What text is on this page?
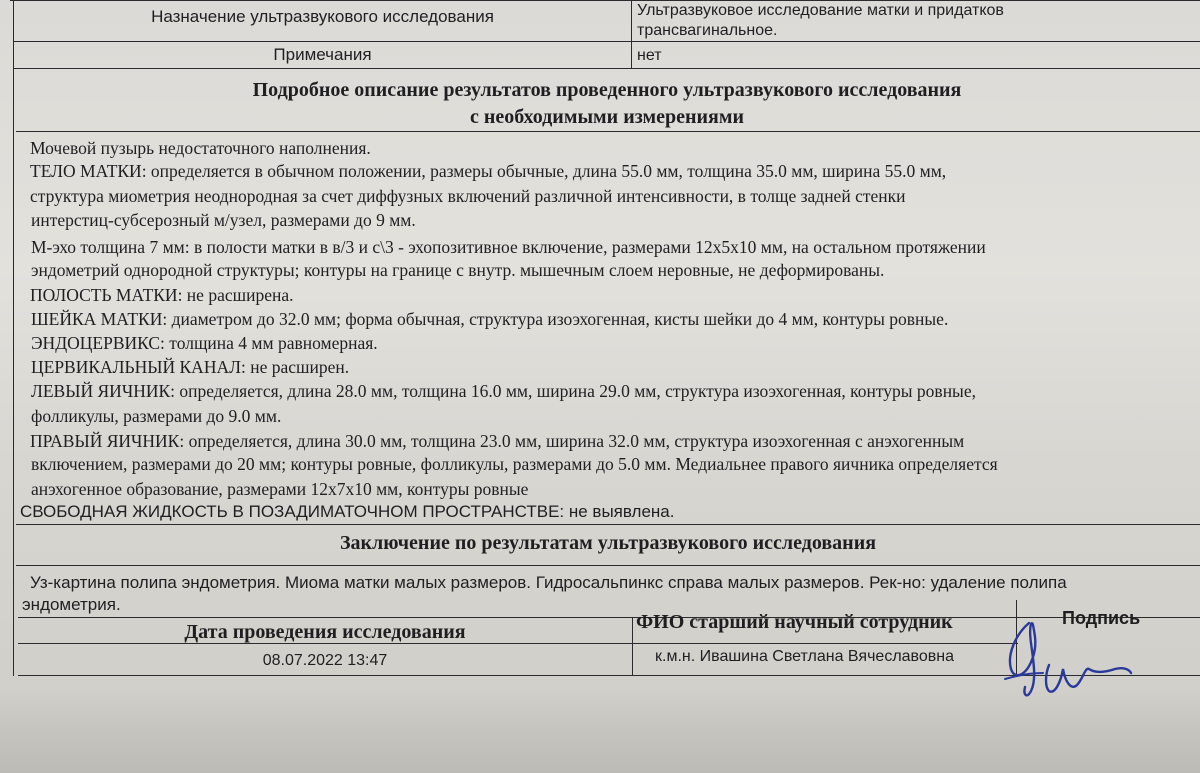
Назначение ультразвукового исследования	Ультразвуковое исследование матки и придатков
трансвагинальное.
Примечания	нет
Подробное описание результатов проведенного ультразвукового исследования
с необходимыми измерениями
Мочевой пузырь недостаточного наполнения.
ТЕЛО МАТКИ: определяется в обычном положении, размеры обычные, длина 55.0 мм, толщина 35.0 мм, ширина 55.0 мм,
структура миометрия неоднородная за счет диффузных включений различной интенсивности, в толще задней стенки
интерстиц-субсерозный м/узел, размерами до 9 мм.
М-эхо толщина 7 мм: в полости матки в в/3 и с\3 - эхопозитивное включение, размерами 12х5х10 мм, на остальном протяжении
эндометрий однородной структуры; контуры на границе с внутр. мышечным слоем неровные, не деформированы.
ПОЛОСТЬ МАТКИ: не расширена.
ШЕЙКА МАТКИ: диаметром до 32.0 мм; форма обычная, структура изоэхогенная, кисты шейки до 4 мм, контуры ровные.
ЭНДОЦЕРВИКС: толщина 4 мм равномерная.
ЦЕРВИКАЛЬНЫЙ КАНАЛ: не расширен.
ЛЕВЫЙ ЯИЧНИК: определяется, длина 28.0 мм, толщина 16.0 мм, ширина 29.0 мм, структура изоэхогенная, контуры ровные,
фолликулы, размерами до 9.0 мм.
ПРАВЫЙ ЯИЧНИК: определяется, длина 30.0 мм, толщина 23.0 мм, ширина 32.0 мм, структура изоэхогенная с анэхогенным
включением, размерами до 20 мм; контуры ровные, фолликулы, размерами до 5.0 мм. Медиальнее правого яичника определяется
анэхогенное образование, размерами 12х7х10 мм, контуры ровные
СВОБОДНАЯ ЖИДКОСТЬ В ПОЗАДИМАТОЧНОМ ПРОСТРАНСТВЕ: не выявлена.
Заключение по результатам ультразвукового исследования
Уз-картина полипа эндометрия. Миома матки малых размеров. Гидросальпинкс справа малых размеров. Рек-но: удаление полипа
эндометрия.
Дата проведения исследования
08.07.2022 13:47
ФИО старший научный сотрудник
к.м.н. Ивашина Светлана Вячеславовна
Подпись
